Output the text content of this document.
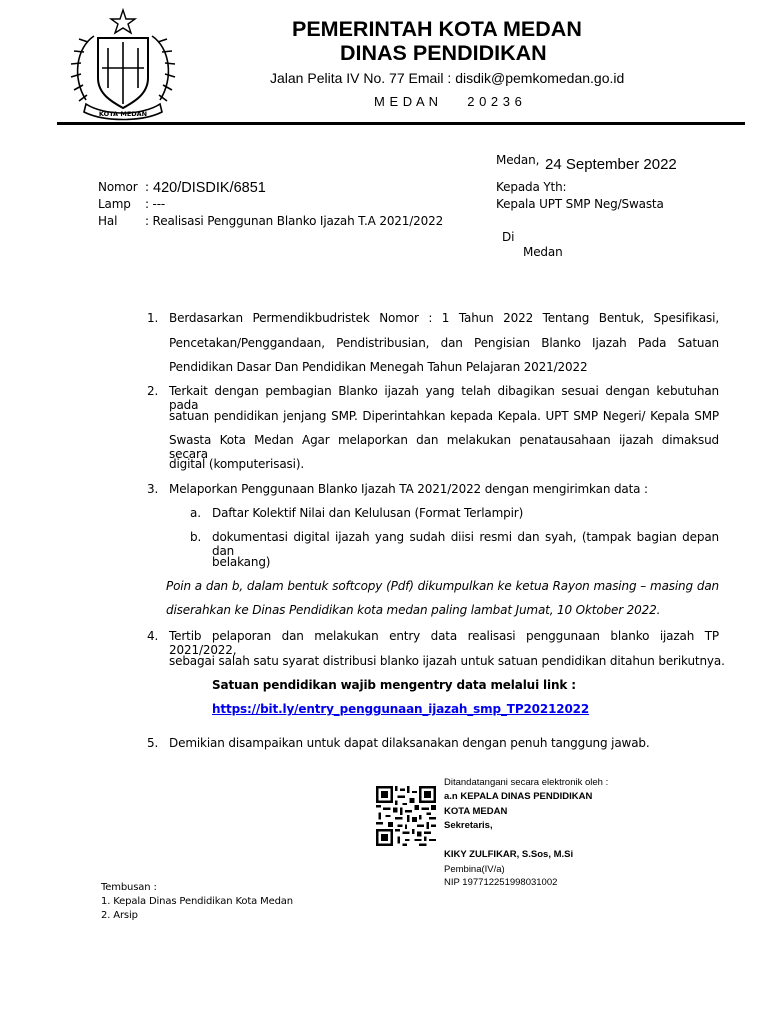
KOTA MEDAN
PEMERINTAH KOTA MEDAN
DINAS PENDIDIKAN
Jalan Pelita IV No. 77 Email : disdik@pemkomedan.go.id
M E D A N       2 0 2 3 6
Medan, 24 September 2022
Nomor : 420/DISDIK/6851
Lamp : ---
Hal : Realisasi Penggunan Blanko Ijazah T.A 2021/2022
Kepada Yth:
Kepala UPT SMP Neg/Swasta
Di
Medan
1. Berdasarkan Permendikbudristek Nomor : 1 Tahun 2022 Tentang Bentuk, Spesifikasi,
Pencetakan/Penggandaan, Pendistribusian, dan Pengisian Blanko Ijazah Pada Satuan
Pendidikan Dasar Dan Pendidikan Menegah Tahun Pelajaran 2021/2022
2. Terkait dengan pembagian Blanko ijazah yang telah dibagikan sesuai dengan kebutuhan pada
satuan pendidikan jenjang SMP. Diperintahkan kepada Kepala. UPT SMP Negeri/ Kepala SMP
Swasta Kota Medan Agar melaporkan dan melakukan penatausahaan ijazah dimaksud secara
digital (komputerisasi).
3. Melaporkan Penggunaan Blanko Ijazah TA 2021/2022 dengan mengirimkan data :
a. Daftar Kolektif Nilai dan Kelulusan (Format Terlampir)
b. dokumentasi digital ijazah yang sudah diisi resmi dan syah, (tampak bagian depan dan
belakang)
Poin a dan b, dalam bentuk softcopy (Pdf) dikumpulkan ke ketua Rayon masing – masing dan
diserahkan ke Dinas Pendidikan kota medan paling lambat Jumat, 10 Oktober 2022.
4. Tertib pelaporan dan melakukan entry data realisasi penggunaan blanko ijazah TP 2021/2022,
sebagai salah satu syarat distribusi blanko ijazah untuk satuan pendidikan ditahun berikutnya.
Satuan pendidikan wajib mengentry data melalui link :
https://bit.ly/entry_penggunaan_ijazah_smp_TP20212022
5. Demikian disampaikan untuk dapat dilaksanakan dengan penuh tanggung jawab.
Ditandatangani secara elektronik oleh :
a.n KEPALA DINAS PENDIDIKAN
KOTA MEDAN
Sekretaris,
KIKY ZULFIKAR, S.Sos, M.Si
Pembina(IV/a)
NIP 197712251998031002
Tembusan :
1. Kepala Dinas Pendidikan Kota Medan
2. Arsip
